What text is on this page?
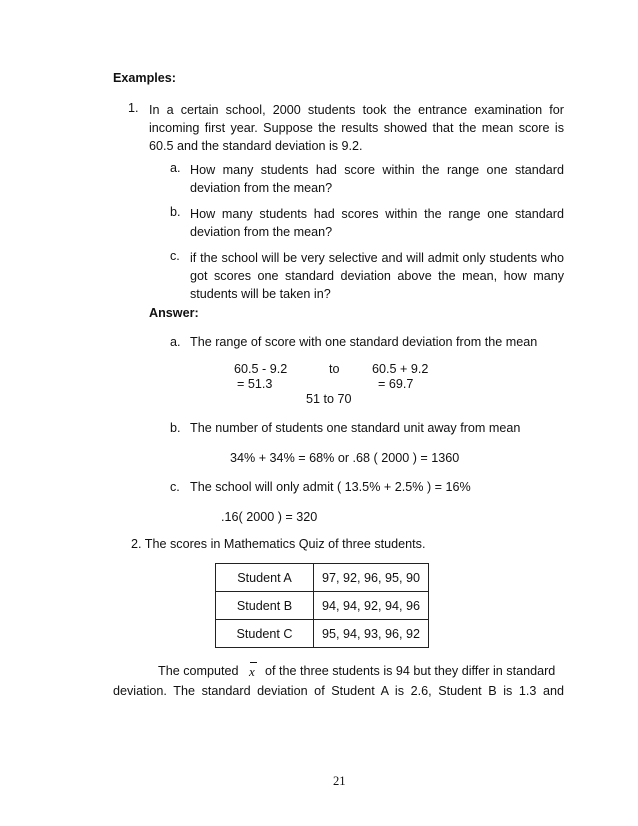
Examples:
1. In a certain school, 2000 students took the entrance examination for incoming first year. Suppose the results showed that the mean score is 60.5 and the standard deviation is 9.2.
a. How many students had score within the range one standard deviation from the mean?
b. How many students had scores within the range one standard deviation from the mean?
c. if the school will be very selective and will admit only students who got scores one standard deviation above the mean, how many students will be taken in?
Answer:
a. The range of score with one standard deviation from the mean
60.5 - 9.2	to	60.5 + 9.2
= 51.3	= 69.7
51 to 70
b. The number of students one standard unit away from mean
34% + 34% = 68% or .68 ( 2000 ) = 1360
c. The school will only admit ( 13.5% + 2.5% ) = 16%
.16( 2000 ) = 320
2. The scores in Mathematics Quiz of three students.
Student A	97, 92, 96, 95, 90
Student B	94, 94, 92, 94, 96
Student C	95, 94, 93, 96, 92
The computed x of the three students is 94 but they differ in standard
deviation. The standard deviation of Student A is 2.6, Student B is 1.3 and
21
